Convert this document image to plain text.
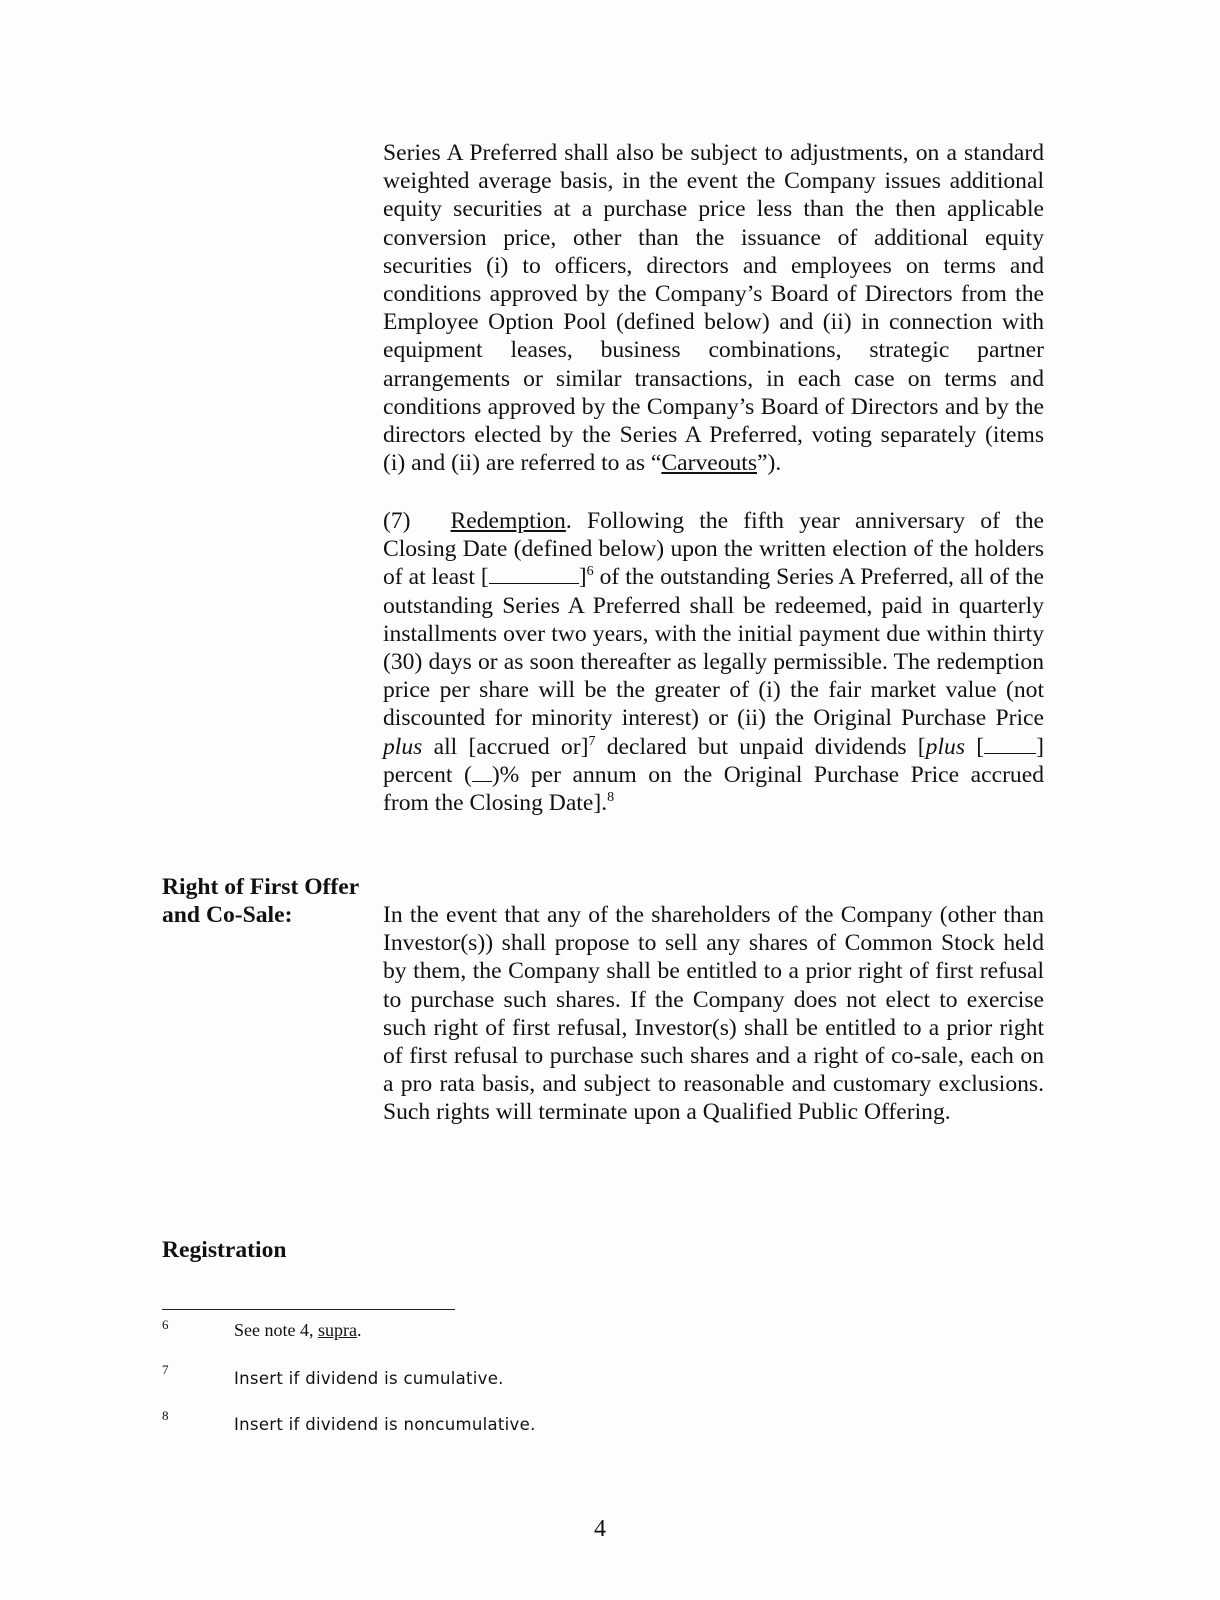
Series A Preferred shall also be subject to adjustments, on a standard weighted average basis, in the event the Company issues additional equity securities at a purchase price less than the then applicable conversion price, other than the issuance of additional equity securities (i) to officers, directors and employees on terms and conditions approved by the Company’s Board of Directors from the Employee Option Pool (defined below) and (ii) in connection with equipment leases, business combinations, strategic partner arrangements or similar transactions, in each case on terms and conditions approved by the Company’s Board of Directors and by the directors elected by the Series A Preferred, voting separately (items (i) and (ii) are referred to as “Carveouts”).

(7) Redemption. Following the fifth year anniversary of the Closing Date (defined below) upon the written election of the holders of at least [	]$^6$ of the outstanding Series A Preferred, all of the outstanding Series A Preferred shall be redeemed, paid in quarterly installments over two years, with the initial payment due within thirty (30) days or as soon thereafter as legally permissible. The redemption price per share will be the greater of (i) the fair market value (not discounted for minority interest) or (ii) the Original Purchase Price plus all [accrued or]$^7$ declared but unpaid dividends [plus [ ] percent ( )% per annum on the Original Purchase Price accrued from the Closing Date].$^8$

Right of First Offer
and Co-Sale:	In the event that any of the shareholders of the Company (other than Investor(s)) shall propose to sell any shares of Common Stock held by them, the Company shall be entitled to a prior right of first refusal to purchase such shares. If the Company does not elect to exercise such right of first refusal, Investor(s) shall be entitled to a prior right of first refusal to purchase such shares and a right of co-sale, each on a pro rata basis, and subject to reasonable and customary exclusions. Such rights will terminate upon a Qualified Public Offering.

Registration
6	See note 4, supra.
7	Insert if dividend is cumulative.
8	Insert if dividend is noncumulative.
4
